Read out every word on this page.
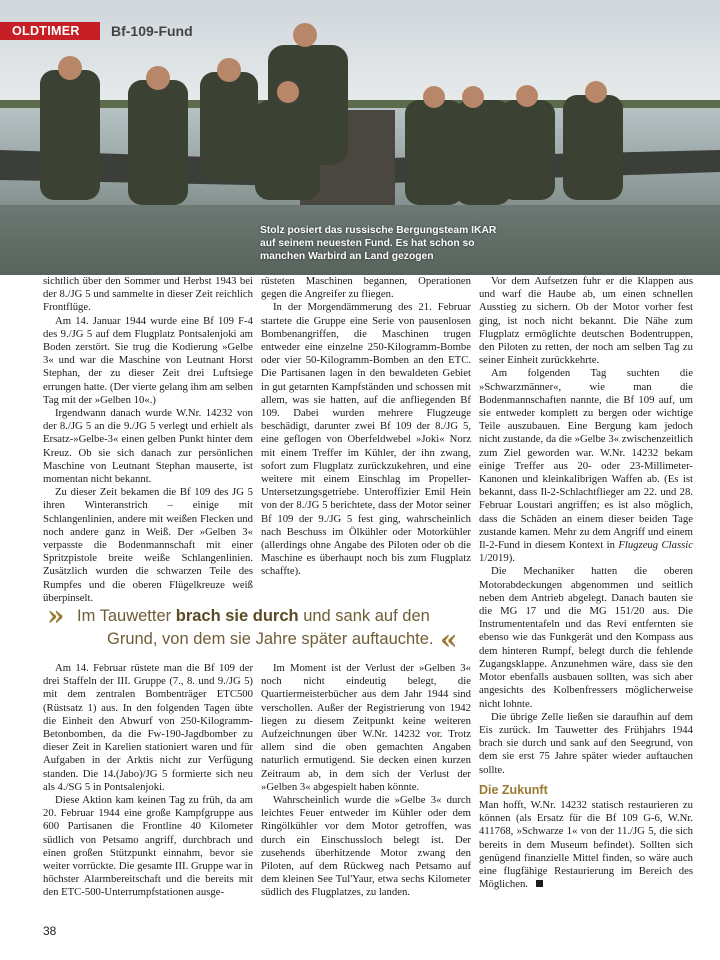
OLDTIMER	Bf-109-Fund
Stolz posiert das russische Bergungsteam IKAR auf seinem neuesten Fund. Es hat schon so manchen Warbird an Land gezogen

sichtlich über den Sommer und Herbst 1943 bei der 8./JG 5 und sammelte in dieser Zeit reichlich Frontflüge.

Am 14. Januar 1944 wurde eine Bf 109 F-4 des 9./JG 5 auf dem Flugplatz Pontsalenjoki am Boden zerstört. Sie trug die Kodierung »Gelbe 3« und war die Maschine von Leutnant Horst Stephan, der zu dieser Zeit drei Luftsiege errungen hatte. (Der vierte gelang ihm am selben Tag mit der »Gelben 10«.)

Irgendwann danach wurde W.Nr. 14232 von der 8./JG 5 an die 9./JG 5 verlegt und erhielt als Ersatz-»Gelbe-3« einen gelben Punkt hinter dem Kreuz. Ob sie sich danach zur persönlichen Maschine von Leutnant Stephan mauserte, ist momentan nicht bekannt.

Zu dieser Zeit bekamen die Bf 109 des JG 5 ihren Winteranstrich – einige mit Schlangenlinien, andere mit weißen Flecken und noch andere ganz in Weiß. Der »Gelben 3« verpasste die Bodenmannschaft mit einer Spritzpistole breite weiße Schlangenlinien. Zusätzlich wurden die schwarzen Teile des Rumpfes und die oberen Flügelkreuze weiß überpinselt.

rüsteten Maschinen begannen, Operationen gegen die Angreifer zu fliegen.

In der Morgendämmerung des 21. Februar startete die Gruppe eine Serie von pausenlosen Bombenangriffen, die Maschinen trugen entweder eine einzelne 250-Kilogramm-Bombe oder vier 50-Kilogramm-Bomben an den ETC. Die Partisanen lagen in den bewaldeten Gebiet in gut getarnten Kampfständen und schossen mit allem, was sie hatten, auf die anfliegenden Bf 109. Dabei wurden mehrere Flugzeuge beschädigt, darunter zwei Bf 109 der 8./JG 5, eine geflogen von Oberfeldwebel »Joki« Norz mit einem Treffer im Kühler, der ihn zwang, sofort zum Flugplatz zurückzukehren, und eine weitere mit einem Einschlag im Propeller-Untersetzungsgetriebe. Unteroffizier Emil Hein von der 8./JG 5 berichtete, dass der Motor seiner Bf 109 der 9./JG 5 fest ging, wahrscheinlich nach Beschuss im Ölkühler oder Motorkühler (allerdings ohne Angabe des Piloten oder ob die Maschine es überhaupt noch bis zum Flugplatz schaffte).

Vor dem Aufsetzen fuhr er die Klappen aus und warf die Haube ab, um einen schnellen Ausstieg zu sichern. Ob der Motor vorher fest ging, ist noch nicht bekannt. Die Nähe zum Flugplatz ermöglichte deutschen Bodentruppen, den Piloten zu retten, der noch am selben Tag zu seiner Einheit zurückkehrte.

Am folgenden Tag suchten die »Schwarzmänner«, wie man die Bodenmannschaften nannte, die Bf 109 auf, um sie entweder komplett zu bergen oder wichtige Teile auszubauen. Eine Bergung kam jedoch nicht zustande, da die »Gelbe 3« zwischenzeitlich zum Ziel geworden war. W.Nr. 14232 bekam einige Treffer aus 20- oder 23-Millimeter-Kanonen und kleinkalibrigen Waffen ab. (Es ist bekannt, dass Il-2-Schlachtflieger am 22. und 28. Februar Loustari angriffen; es ist also möglich, dass die Schäden an einem dieser beiden Tage zustande kamen. Mehr zu dem Angriff und einem Il-2-Fund in diesem Kontext in Flugzeug Classic 1/2019).

Die Mechaniker hatten die oberen Motorabdeckungen abgenommen und seitlich neben dem Antrieb abgelegt. Danach bauten sie die MG 17 und die MG 151/20 aus. Die Instrumententafeln und das Revi entfernten sie ebenso wie das Funkgerät und den Kompass aus dem hinteren Rumpf, belegt durch die fehlende Zugangsklappe. Anzunehmen wäre, dass sie den Motor ebenfalls ausbauen sollten, was sich aber angesichts des Kolbenfressers möglicherweise nicht lohnte.

Die übrige Zelle ließen sie daraufhin auf dem Eis zurück. Im Tauwetter des Frühjahrs 1944 brach sie durch und sank auf den Seegrund, von dem sie erst 75 Jahre später wieder auftauchen sollte.

Die Zukunft

Man hofft, W.Nr. 14232 statisch restaurieren zu können (als Ersatz für die Bf 109 G-6, W.Nr. 411768, »Schwarze 1« von der 11./JG 5, die sich bereits in dem Museum befindet). Sollten sich genügend finanzielle Mittel finden, so wäre auch eine flugfähige Restaurierung im Bereich des Möglichen.

» Im Tauwetter brach sie durch und sank auf den
Grund, von dem sie Jahre später auftauchte. «

Am 14. Februar rüstete man die Bf 109 der drei Staffeln der III. Gruppe (7., 8. und 9./JG 5) mit dem zentralen Bombenträger ETC500 (Rüstsatz 1) aus. In den folgenden Tagen übte die Einheit den Abwurf von 250-Kilogramm-Betonbomben, da die Fw-190-Jagdbomber zu dieser Zeit in Karelien stationiert waren und für Aufgaben in der Arktis nicht zur Verfügung standen. Die 14.(Jabo)/JG 5 formierte sich neu als 4./SG 5 in Pontsalenjoki.

Diese Aktion kam keinen Tag zu früh, da am 20. Februar 1944 eine große Kampfgruppe aus 600 Partisanen die Frontline 40 Kilometer südlich von Petsamo angriff, durchbrach und einen großen Stützpunkt einnahm, bevor sie weiter vorrückte. Die gesamte III. Gruppe war in höchster Alarmbereitschaft und die bereits mit den ETC-500-Unterrumpfstationen ausge-

Im Moment ist der Verlust der »Gelben 3« noch nicht eindeutig belegt, die Quartiermeisterbücher aus dem Jahr 1944 sind verschollen. Außer der Registrierung von 1942 liegen zu diesem Zeitpunkt keine weiteren Aufzeichnungen über W.Nr. 14232 vor. Trotz allem sind die oben gemachten Angaben naturlich ermutigend. Sie decken einen kurzen Zeitraum ab, in dem sich der Verlust der »Gelben 3« abgespielt haben könnte.

Wahrscheinlich wurde die »Gelbe 3« durch leichtes Feuer entweder im Kühler oder dem Ringölkühler vor dem Motor getroffen, was durch ein Einschussloch belegt ist. Der zusehends überhitzende Motor zwang den Piloten, auf dem Rückweg nach Petsamo auf dem kleinen See Tul'Yaur, etwa sechs Kilometer südlich des Flugplatzes, zu landen.

38
